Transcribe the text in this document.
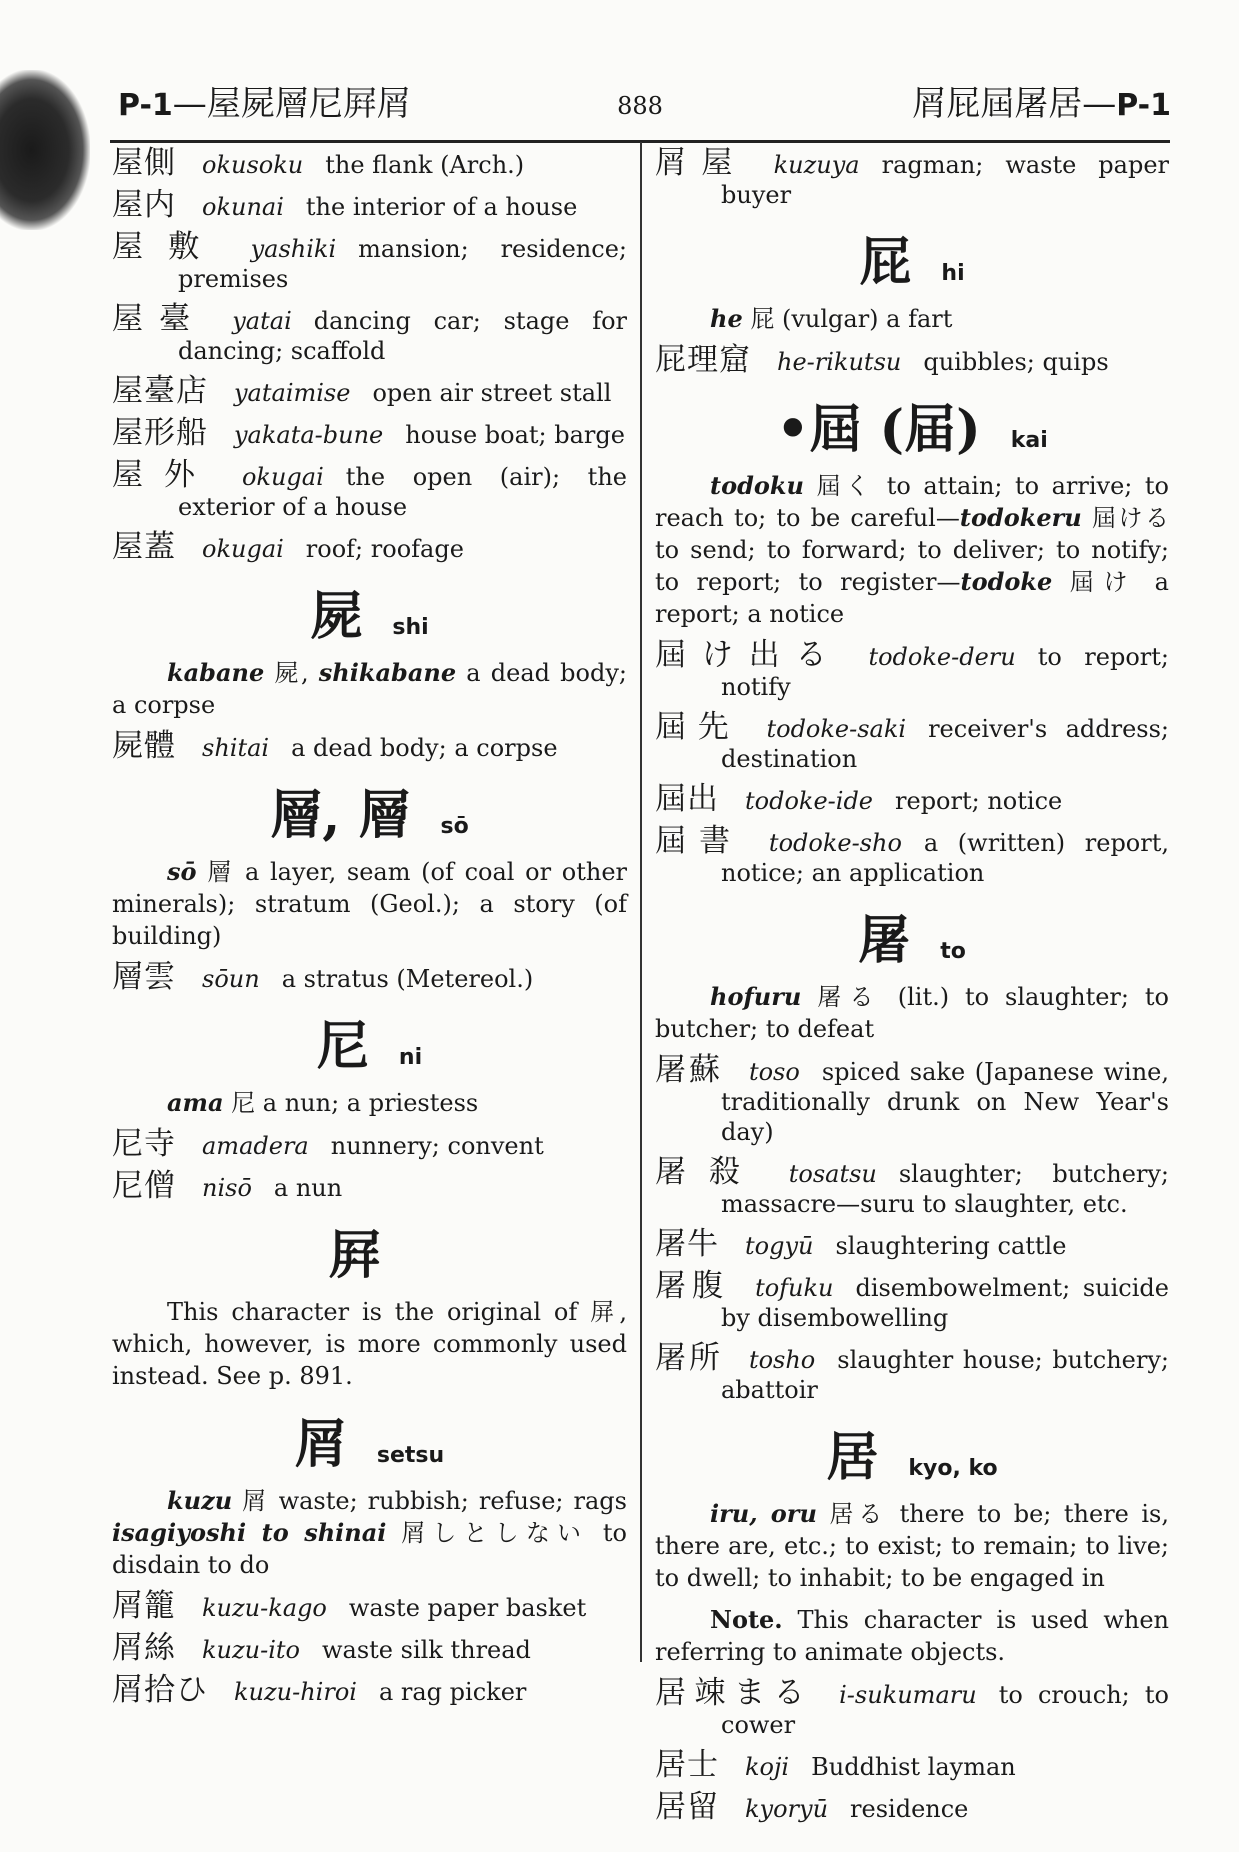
P-1—屋屍層尼屛屑	888	屑屁屆屠居—P-1
屋側 okusoku the flank (Arch.)
屋内 okunai the interior of a house
屋敷 yashiki mansion; residence; premises
屋臺 yatai dancing car; stage for dancing; scaffold
屋臺店 yataimise open air street stall
屋形船 yakata-bune house boat; barge
屋外 okugai the open (air); the exterior of a house
屋蓋 okugai roof; roofage
屍 shi
kabane 屍, shikabane a dead body; a corpse
屍體 shitai a dead body; a corpse
層, 層 sō
sō 層 a layer, seam (of coal or other minerals); stratum (Geol.); a story (of building)
層雲 sōun a stratus (Metereol.)
尼 ni
ama 尼 a nun; a priestess
尼寺 amadera nunnery; convent
尼僧 nisō a nun
屛
This character is the original of 屏, which, however, is more commonly used instead. See p. 891.
屑 setsu
kuzu 屑 waste; rubbish; refuse; rags isagiyoshi to shinai 屑しとしない to disdain to do
屑籠 kuzu-kago waste paper basket
屑絲 kuzu-ito waste silk thread
屑拾ひ kuzu-hiroi a rag picker
屑屋 kuzuya ragman; waste paper buyer
屁 hi
he 屁 (vulgar) a fart
屁理窟 he-rikutsu quibbles; quips
•屆 (届) kai
todoku 屆く to attain; to arrive; to reach to; to be careful—todokeru 屆ける to send; to forward; to deliver; to notify; to report; to register—todoke 屆け a report; a notice
屆け出る todoke-deru to report; notify
屆先 todoke-saki receiver's address; destination
屆出 todoke-ide report; notice
屆書 todoke-sho a (written) report, notice; an application
屠 to
hofuru 屠る (lit.) to slaughter; to butcher; to defeat
屠蘇 toso spiced sake (Japanese wine, traditionally drunk on New Year's day)
屠殺 tosatsu slaughter; butchery; massacre—suru to slaughter, etc.
屠牛 togyū slaughtering cattle
屠腹 tofuku disembowelment; suicide by disembowelling
屠所 tosho slaughter house; butchery; abattoir
居 kyo, ko
iru, oru 居る there to be; there is, there are, etc.; to exist; to remain; to live; to dwell; to inhabit; to be engaged in
Note. This character is used when referring to animate objects.
居竦まる i-sukumaru to crouch; to cower
居士 koji Buddhist layman
居留 kyoryū residence
